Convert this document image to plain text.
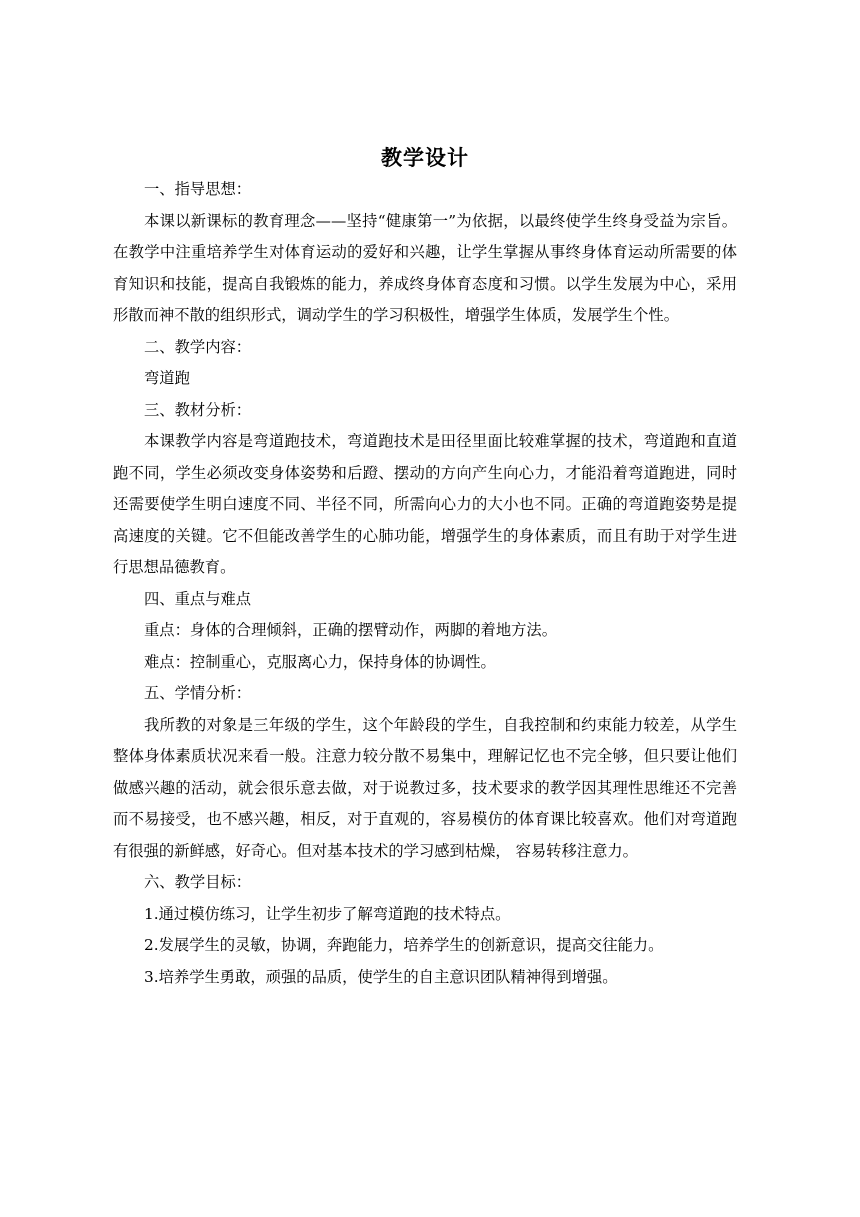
教学设计

一、指导思想：

本课以新课标的教育理念——坚持“健康第一”为依据，以最终使学生终身受益为宗旨。在教学中注重培养学生对体育运动的爱好和兴趣，让学生掌握从事终身体育运动所需要的体育知识和技能，提高自我锻炼的能力，养成终身体育态度和习惯。以学生发展为中心，采用形散而神不散的组织形式，调动学生的学习积极性，增强学生体质，发展学生个性。

二、教学内容：

弯道跑

三、教材分析：

本课教学内容是弯道跑技术，弯道跑技术是田径里面比较难掌握的技术，弯道跑和直道跑不同，学生必须改变身体姿势和后蹬、摆动的方向产生向心力，才能沿着弯道跑进，同时还需要使学生明白速度不同、半径不同，所需向心力的大小也不同。正确的弯道跑姿势是提高速度的关键。它不但能改善学生的心肺功能，增强学生的身体素质，而且有助于对学生进行思想品德教育。

四、重点与难点

重点：身体的合理倾斜，正确的摆臂动作，两脚的着地方法。

难点：控制重心，克服离心力，保持身体的协调性。

五、学情分析：

我所教的对象是三年级的学生，这个年龄段的学生，自我控制和约束能力较差，从学生整体身体素质状况来看一般。注意力较分散不易集中，理解记忆也不完全够，但只要让他们做感兴趣的活动，就会很乐意去做，对于说教过多，技术要求的教学因其理性思维还不完善而不易接受，也不感兴趣，相反，对于直观的，容易模仿的体育课比较喜欢。他们对弯道跑有很强的新鲜感，好奇心。但对基本技术的学习感到枯燥， 容易转移注意力。

六、教学目标：

1.通过模仿练习，让学生初步了解弯道跑的技术特点。

2.发展学生的灵敏，协调，奔跑能力，培养学生的创新意识，提高交往能力。

3.培养学生勇敢，顽强的品质，使学生的自主意识团队精神得到增强。
